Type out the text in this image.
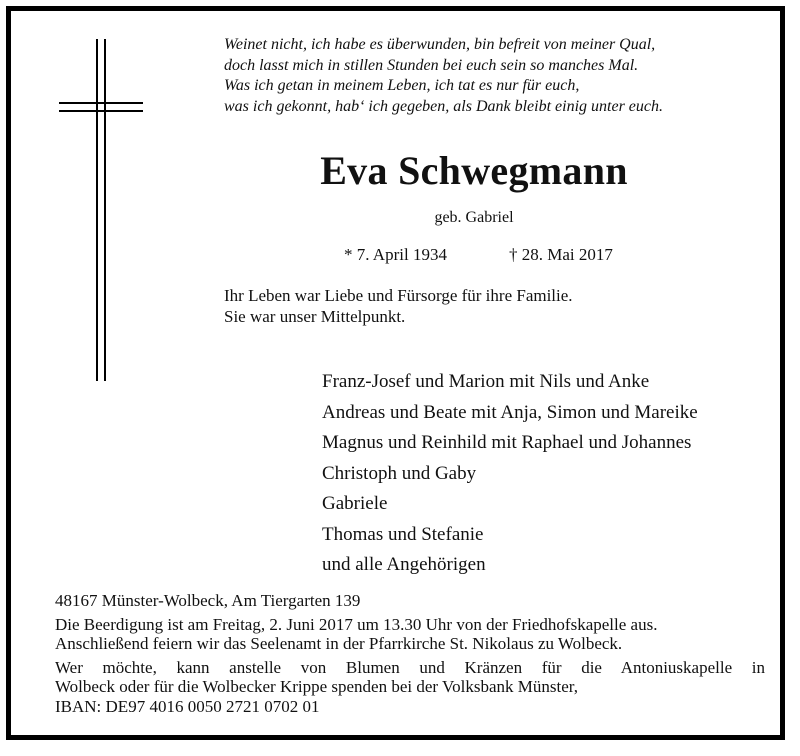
Weinet nicht, ich habe es überwunden, bin befreit von meiner Qual,
doch lasst mich in stillen Stunden bei euch sein so manches Mal.
Was ich getan in meinem Leben, ich tat es nur für euch,
was ich gekonnt, hab‘ ich gegeben, als Dank bleibt einig unter euch.
Eva Schwegmann
geb. Gabriel
* 7. April 1934	† 28. Mai 2017
Ihr Leben war Liebe und Fürsorge für ihre Familie.
Sie war unser Mittelpunkt.
Franz-Josef und Marion mit Nils und Anke
Andreas und Beate mit Anja, Simon und Mareike
Magnus und Reinhild mit Raphael und Johannes
Christoph und Gaby
Gabriele
Thomas und Stefanie
und alle Angehörigen
48167 Münster-Wolbeck, Am Tiergarten 139
Die Beerdigung ist am Freitag, 2. Juni 2017 um 13.30 Uhr von der Friedhofskapelle aus.
Anschließend feiern wir das Seelenamt in der Pfarrkirche St. Nikolaus zu Wolbeck.
Wer möchte, kann anstelle von Blumen und Kränzen für die Antoniuskapelle in
Wolbeck oder für die Wolbecker Krippe spenden bei der Volksbank Münster,
IBAN: DE97 4016 0050 2721 0702 01
